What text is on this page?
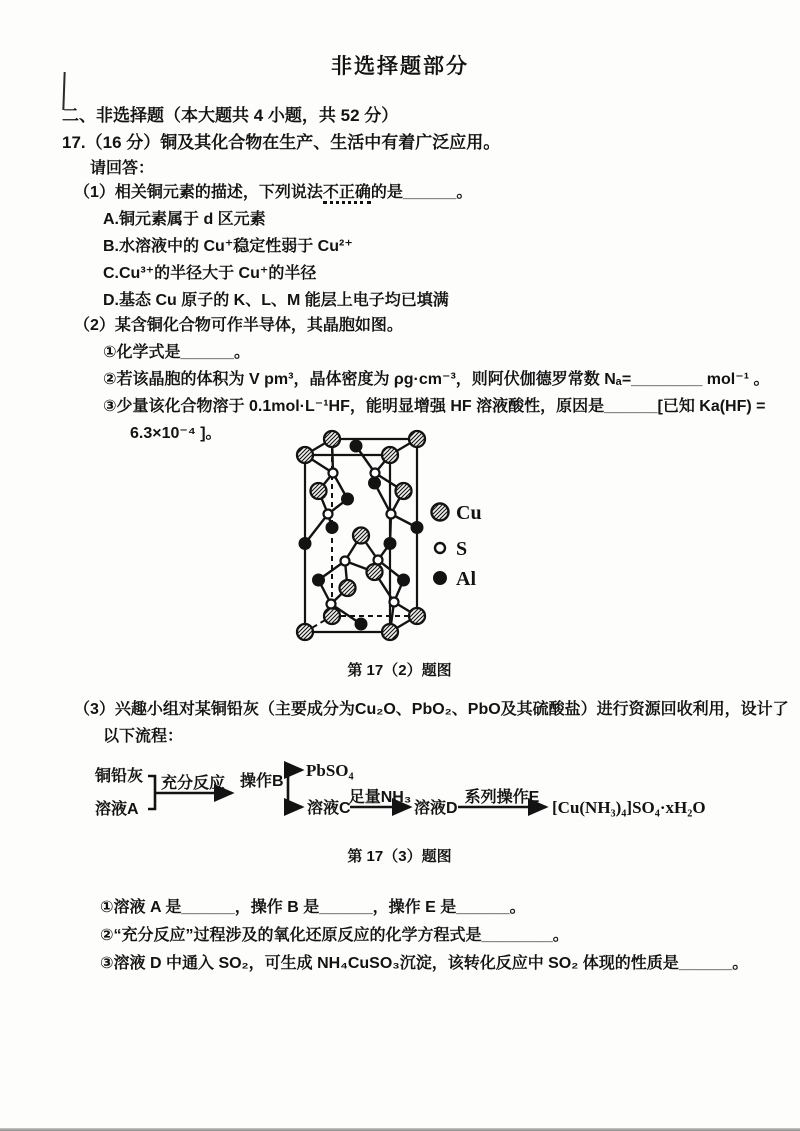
非选择题部分
二、非选择题（本大题共 4 小题，共 52 分）
17.（16 分）铜及其化合物在生产、生活中有着广泛应用。
请回答：
（1）相关铜元素的描述，下列说法不正确的是______。
A.铜元素属于 d 区元素
B.水溶液中的 Cu⁺稳定性弱于 Cu²⁺
C.Cu³⁺的半径大于 Cu⁺的半径
D.基态 Cu 原子的 K、L、M 能层上电子均已填满
（2）某含铜化合物可作半导体，其晶胞如图。
①化学式是______。
②若该晶胞的体积为 V pm³，晶体密度为 ρg·cm⁻³，则阿伏伽德罗常数 Nₐ=________ mol⁻¹ 。
③少量该化合物溶于 0.1mol·L⁻¹HF，能明显增强 HF 溶液酸性，原因是______[已知 Ka(HF) =
6.3×10⁻⁴ ]。
Cu
S
Al
第 17（2）题图
（3）兴趣小组对某铜铅灰（主要成分为Cu₂O、PbO₂、PbO及其硫酸盐）进行资源回收利用，设计了
以下流程：
铜铅灰
溶液A
充分反应 操作B
PbSO₄
溶液C
足量NH₃
溶液D
系列操作E
[Cu(NH₃)₄]SO₄·xH₂O
第 17（3）题图
①溶液 A 是______，操作 B 是______，操作 E 是______。
②“充分反应”过程涉及的氧化还原反应的化学方程式是________。
③溶液 D 中通入 SO₂，可生成 NH₄CuSO₃沉淀，该转化反应中 SO₂ 体现的性质是______。
